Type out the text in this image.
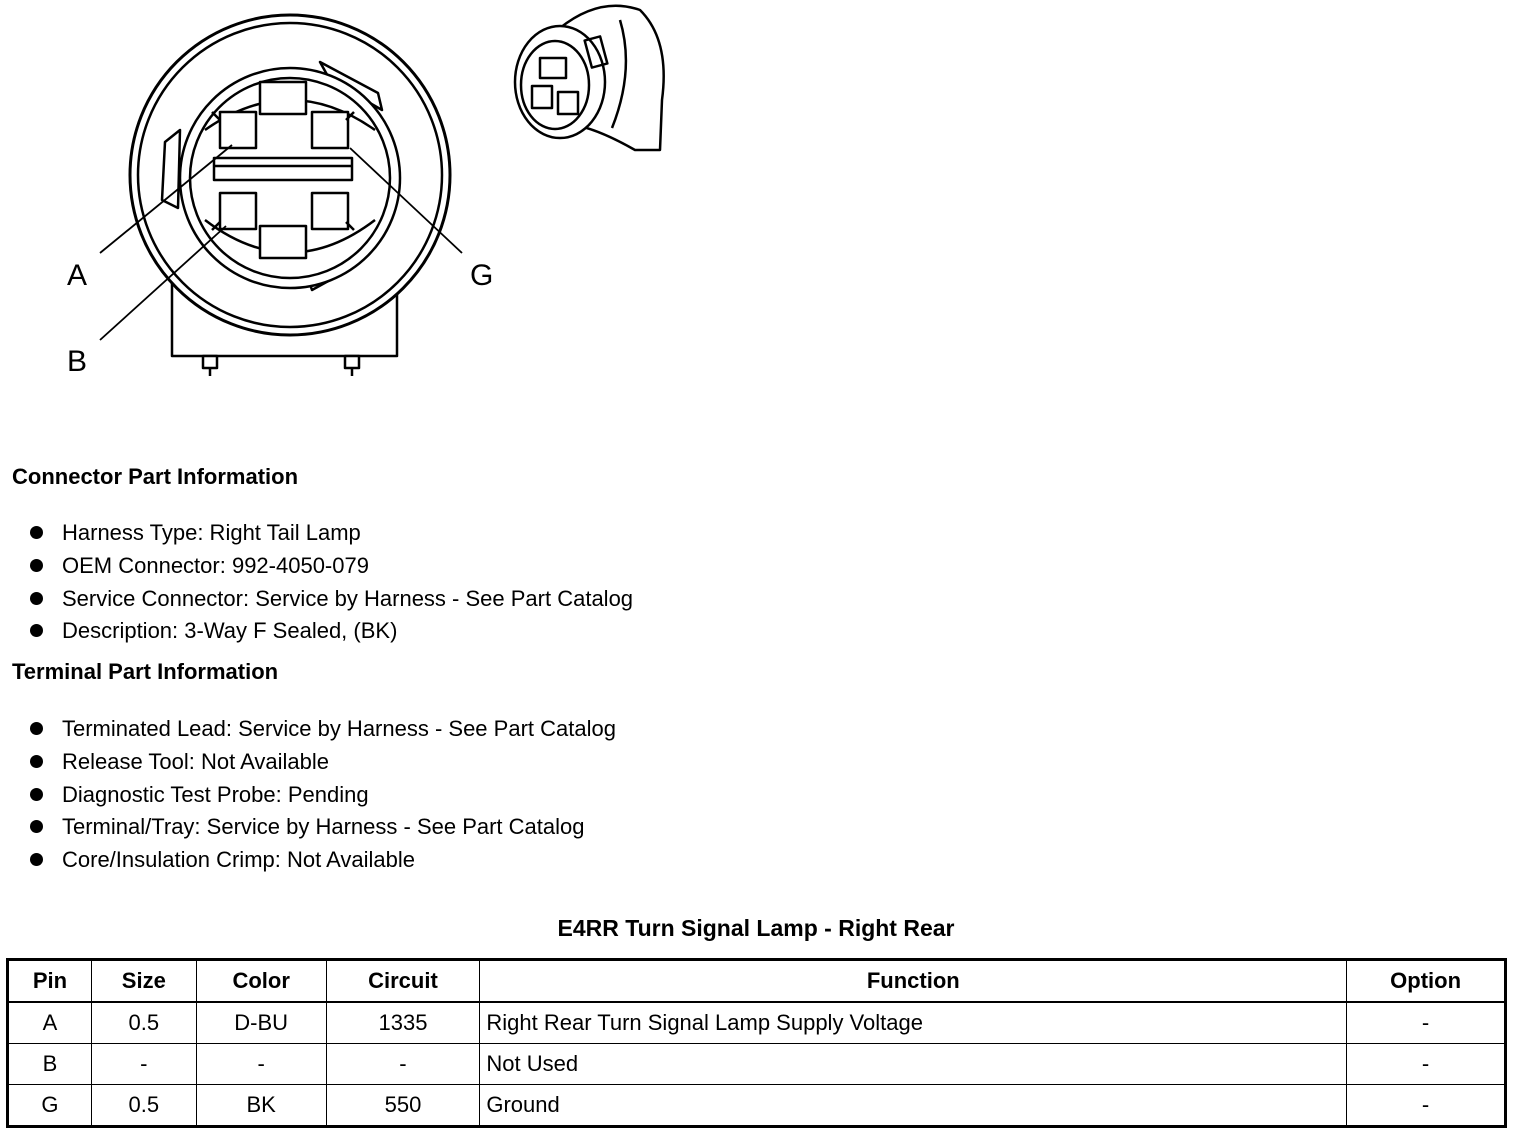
A
B
G
Connector Part Information
Harness Type: Right Tail Lamp
OEM Connector: 992-4050-079
Service Connector: Service by Harness - See Part Catalog
Description: 3-Way F Sealed, (BK)
Terminal Part Information
Terminated Lead: Service by Harness - See Part Catalog
Release Tool: Not Available
Diagnostic Test Probe: Pending
Terminal/Tray: Service by Harness - See Part Catalog
Core/Insulation Crimp: Not Available
E4RR Turn Signal Lamp - Right Rear
Pin	Size	Color	Circuit	Function	Option
A	0.5	D-BU	1335	Right Rear Turn Signal Lamp Supply Voltage	-
B	-	-	-	Not Used	-
G	0.5	BK	550	Ground	-
